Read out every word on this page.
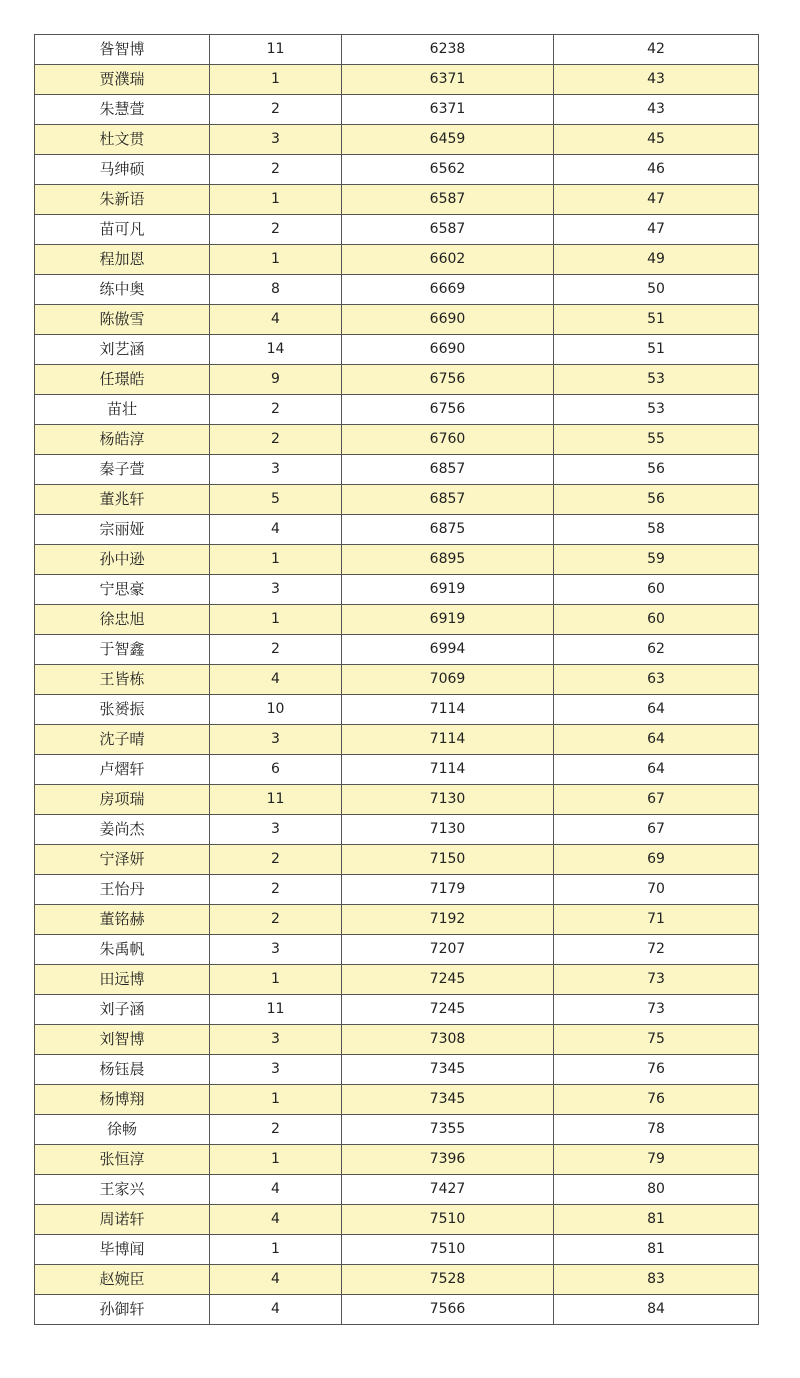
昝智博	11	6238	42
贾濮瑞	1	6371	43
朱慧萱	2	6371	43
杜文贯	3	6459	45
马绅硕	2	6562	46
朱新语	1	6587	47
苗可凡	2	6587	47
程加恩	1	6602	49
练中奥	8	6669	50
陈傲雪	4	6690	51
刘艺涵	14	6690	51
任璟皓	9	6756	53
苗壮	2	6756	53
杨皓淳	2	6760	55
秦子萱	3	6857	56
董兆轩	5	6857	56
宗丽娅	4	6875	58
孙中逊	1	6895	59
宁思豪	3	6919	60
徐忠旭	1	6919	60
于智鑫	2	6994	62
王皆栋	4	7069	63
张赟振	10	7114	64
沈子晴	3	7114	64
卢熠轩	6	7114	64
房项瑞	11	7130	67
姜尚杰	3	7130	67
宁泽妍	2	7150	69
王怡丹	2	7179	70
董铭赫	2	7192	71
朱禹帆	3	7207	72
田远博	1	7245	73
刘子涵	11	7245	73
刘智博	3	7308	75
杨钰晨	3	7345	76
杨博翔	1	7345	76
徐畅	2	7355	78
张恒淳	1	7396	79
王家兴	4	7427	80
周诺轩	4	7510	81
毕博闻	1	7510	81
赵婉臣	4	7528	83
孙御轩	4	7566	84
